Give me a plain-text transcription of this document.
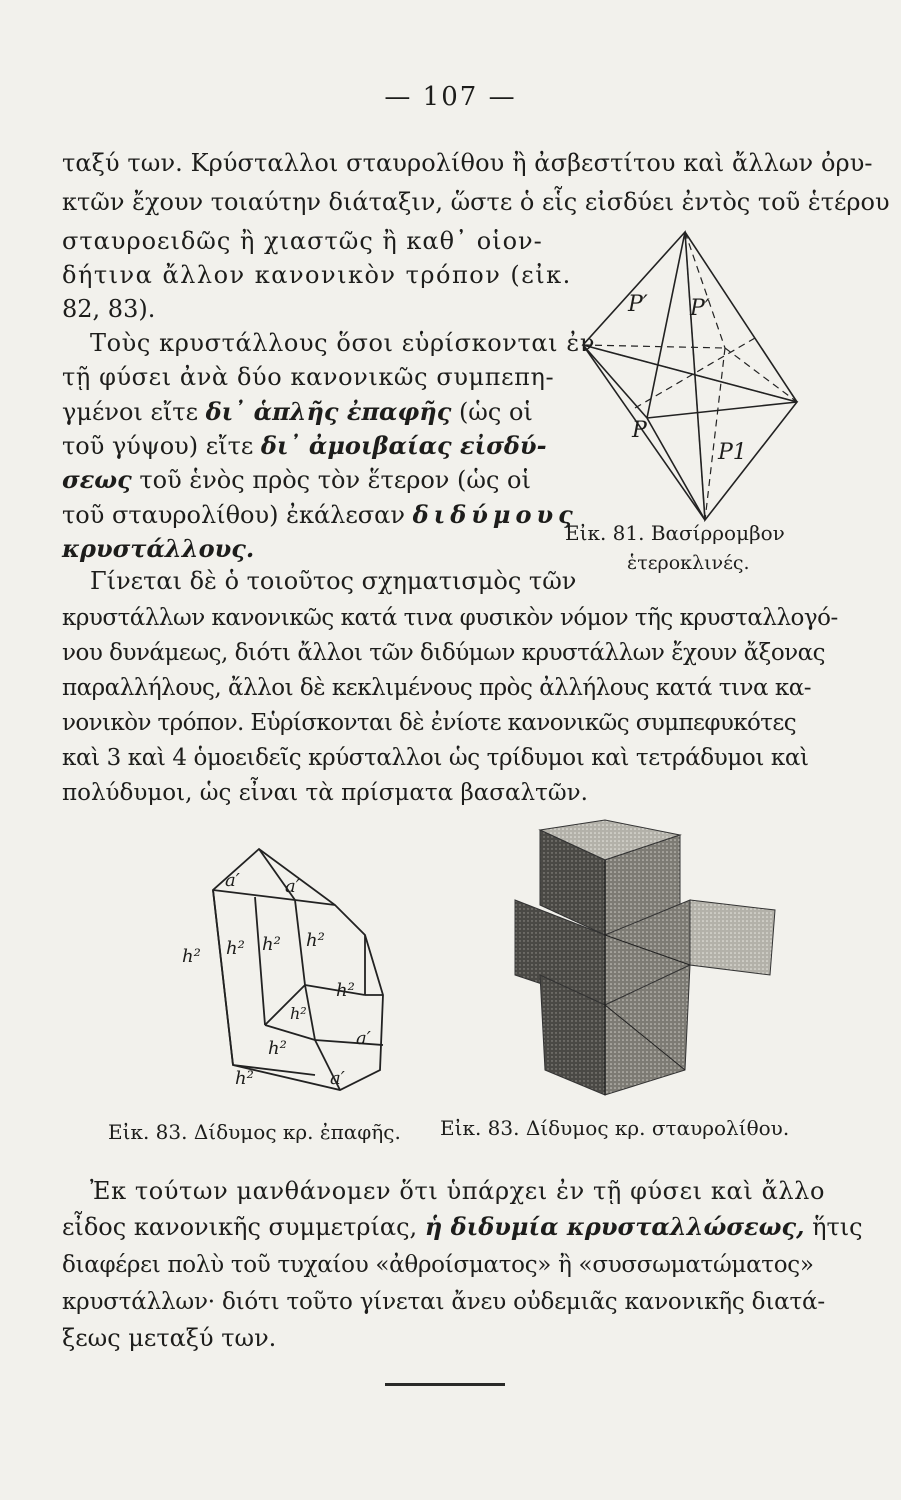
— 107 —
ταξύ των. Κρύσταλλοι σταυρολίθου ἢ ἀσβεστίτου καὶ ἄλλων ὀρυ-
κτῶν ἔχουν τοιαύτην διάταξιν, ὥστε ὁ εἷς εἰσδύει ἐντὸς τοῦ ἑτέρου
σταυροειδῶς ἢ χιαστῶς ἢ καθ᾽ οἱον-
δήτινα ἄλλον κανονικὸν τρόπον (εἰκ.
82, 83).
Τοὺς κρυστάλλους ὅσοι εὑρίσκονται ἐν
τῇ φύσει ἀνὰ δύο κανονικῶς συμπεπη-
γμένοι εἴτε δι᾽ ἁπλῆς ἐπαφῆς (ὡς οἱ
τοῦ γύψου) εἴτε δι᾽ ἀμοιβαίας εἰσδύ-
σεως τοῦ ἑνὸς πρὸς τὸν ἕτερον (ὡς οἱ
τοῦ σταυρολίθου) ἐκάλεσαν διδύμους
κρυστάλλους.
P′ P′
P
P1
Εἰκ. 81. Βασίρρομβον
ἑτεροκλινές.
Γίνεται δὲ ὁ τοιοῦτος σχηματισμὸς τῶν
κρυστάλλων κανονικῶς κατά τινα φυσικὸν νόμον τῆς κρυσταλλογό-
νου δυνάμεως, διότι ἄλλοι τῶν διδύμων κρυστάλλων ἔχουν ἄξονας
παραλλήλους, ἄλλοι δὲ κεκλιμένους πρὸς ἀλλήλους κατά τινα κα-
νονικὸν τρόπον. Εὑρίσκονται δὲ ἐνίοτε κανονικῶς συμπεφυκότες
καὶ 3 καὶ 4 ὁμοειδεῖς κρύσταλλοι ὡς τρίδυμοι καὶ τετράδυμοι καὶ
πολύδυμοι, ὡς εἶναι τὰ πρίσματα βασαλτῶν.
a′	a′
h² h² h² h²
h²
h²
h²
h²
a′
a′
Εἰκ. 83. Δίδυμος κρ. ἐπαφῆς. Εἰκ. 83. Δίδυμος κρ. σταυρολίθου.
Ἐκ τούτων μανθάνομεν ὅτι ὑπάρχει ἐν τῇ φύσει καὶ ἄλλο
εἶδος κανονικῆς συμμετρίας, ἡ διδυμία κρυσταλλώσεως, ἥτις
διαφέρει πολὺ τοῦ τυχαίου «ἀθροίσματος» ἢ «συσσωματώματος»
κρυστάλλων· διότι τοῦτο γίνεται ἄνευ οὐδεμιᾶς κανονικῆς διατά-
ξεως μεταξύ των.
